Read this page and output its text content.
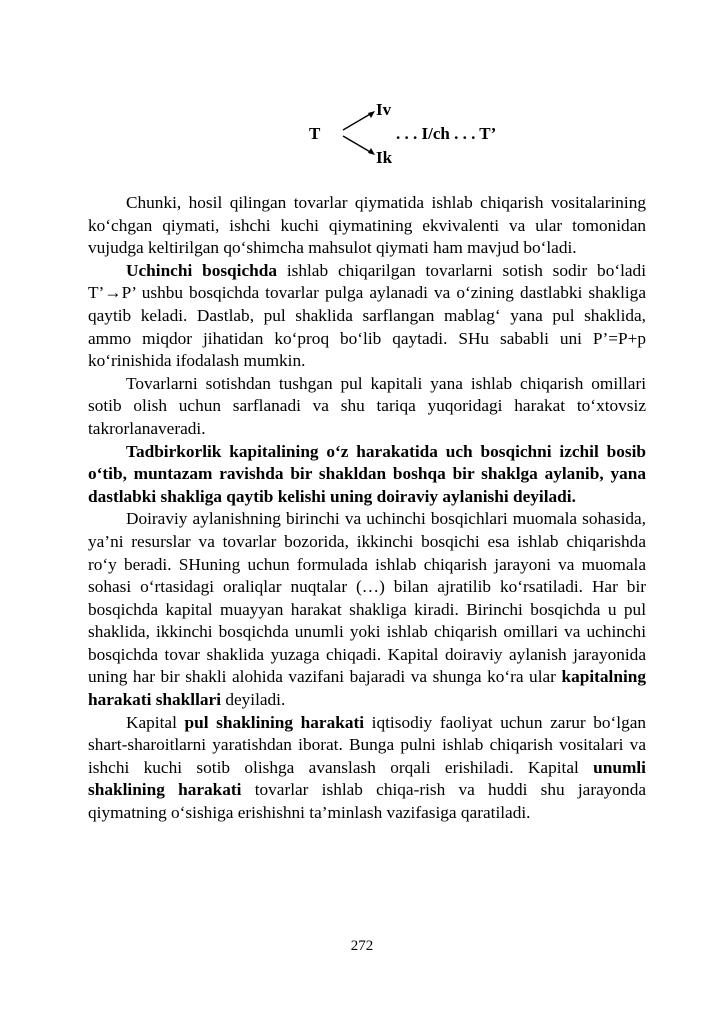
T
Iv
Ik
. . . I/ch . . . T’

Chunki, hosil qilingan tovarlar qiymatida ishlab chiqarish vositalarining ko‘chgan qiymati, ishchi kuchi qiymatining ekvivalenti va ular tomonidan vujudga keltirilgan qo‘shimcha mahsulot qiymati ham mavjud bo‘ladi.

Uchinchi bosqichda ishlab chiqarilgan tovarlarni sotish sodir bo‘ladi T’→P’ ushbu bosqichda tovarlar pulga aylanadi va o‘zining dastlabki shakliga qaytib keladi. Dastlab, pul shaklida sarflangan mablag‘ yana pul shaklida, ammo miqdor jihatidan ko‘proq bo‘lib qaytadi. SHu sababli uni P’=P+p ko‘rinishida ifodalash mumkin.

Tovarlarni sotishdan tushgan pul kapitali yana ishlab chiqarish omillari sotib olish uchun sarflanadi va shu tariqa yuqoridagi harakat to‘xtovsiz takrorlanaveradi.

Tadbirkorlik kapitalining o‘z harakatida uch bosqichni izchil bosib o‘tib, muntazam ravishda bir shakldan boshqa bir shaklga aylanib, yana dastlabki shakliga qaytib kelishi uning doiraviy aylanishi deyiladi.

Doiraviy aylanishning birinchi va uchinchi bosqichlari muomala sohasida, ya’ni resurslar va tovarlar bozorida, ikkinchi bosqichi esa ishlab chiqarishda ro‘y beradi. SHuning uchun formulada ishlab chiqarish jarayoni va muomala sohasi o‘rtasidagi oraliqlar nuqtalar (…) bilan ajratilib ko‘rsatiladi. Har bir bosqichda kapital muayyan harakat shakliga kiradi. Birinchi bosqichda u pul shaklida, ikkinchi bosqichda unumli yoki ishlab chiqarish omillari va uchinchi bosqichda tovar shaklida yuzaga chiqadi. Kapital doiraviy aylanish jarayonida uning har bir shakli alohida vazifani bajaradi va shunga ko‘ra ular kapitalning harakati shakllari deyiladi.

Kapital pul shaklining harakati iqtisodiy faoliyat uchun zarur bo‘lgan shart-sharoitlarni yaratishdan iborat. Bunga pulni ishlab chiqarish vositalari va ishchi kuchi sotib olishga avanslash orqali erishiladi. Kapital unumli shaklining harakati tovarlar ishlab chiqa-rish va huddi shu jarayonda qiymatning o‘sishiga erishishni ta’minlash vazifasiga qaratiladi.

272
